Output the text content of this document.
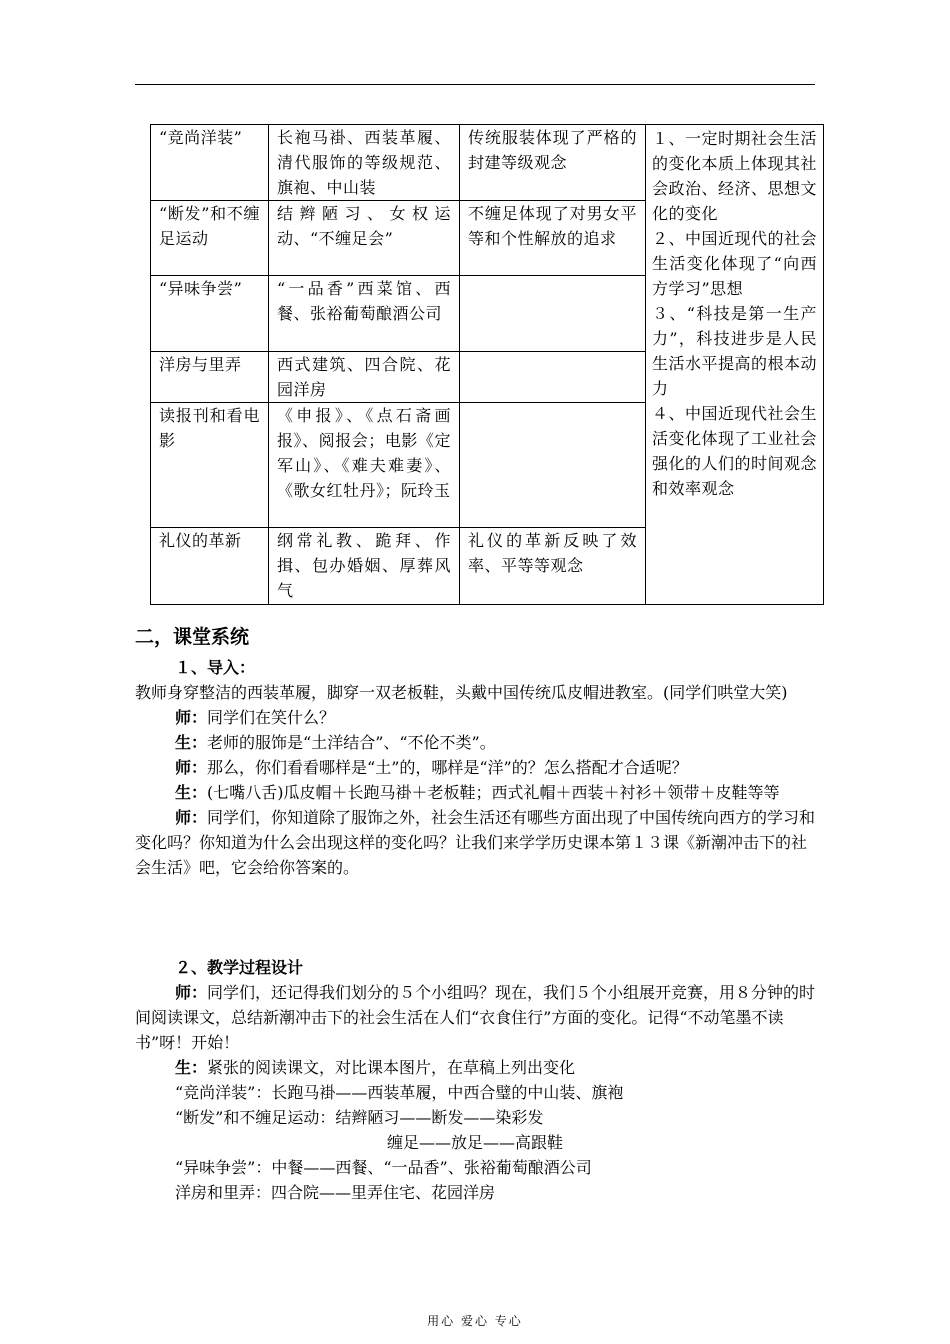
“竞尚洋装”	长袍马褂、西装革履、清代服饰的等级规范、旗袍、中山装	传统服装体现了严格的封建等级观念	１、一定时期社会生活的变化本质上体现其社会政治、经济、思想文化的变化
２、中国近现代的社会生活变化体现了“向西方学习”思想
３、“科技是第一生产力”，科技进步是人民生活水平提高的根本动力
４、中国近现代社会生活变化体现了工业社会强化的人们的时间观念和效率观念
“断发”和不缠足运动	结辫陋习、女权运动、“不缠足会”	不缠足体现了对男女平等和个性解放的追求	
“异味争尝”	“一品香”西菜馆、西餐、张裕葡萄酿酒公司		
洋房与里弄	西式建筑、四合院、花园洋房		
读报刊和看电影	《申报》、《点石斋画报》、阅报会；电影《定军山》、《难夫难妻》、《歌女红牡丹》；阮玲玉		
礼仪的革新	纲常礼教、跪拜、作揖、包办婚姻、厚葬风气	礼仪的革新反映了效率、平等等观念	
二，课堂系统

１、导入：

教师身穿整洁的西装革履，脚穿一双老板鞋，头戴中国传统瓜皮帽进教室。(同学们哄堂大笑)

师：同学们在笑什么？

生：老师的服饰是“土洋结合”、“不伦不类”。

师：那么，你们看看哪样是“土”的，哪样是“洋”的？怎么搭配才合适呢？

生：(七嘴八舌)瓜皮帽＋长跑马褂＋老板鞋；西式礼帽＋西装＋衬衫＋领带＋皮鞋等等

师：同学们，你知道除了服饰之外，社会生活还有哪些方面出现了中国传统向西方的学习和变化吗？你知道为什么会出现这样的变化吗？让我们来学学历史课本第１３课《新潮冲击下的社会生活》吧，它会给你答案的。

２、教学过程设计

师：同学们，还记得我们划分的５个小组吗？现在，我们５个小组展开竞赛，用８分钟的时间阅读课文，总结新潮冲击下的社会生活在人们“衣食住行”方面的变化。记得“不动笔墨不读书”呀！开始！

生：紧张的阅读课文，对比课本图片，在草稿上列出变化

“竞尚洋装”：长跑马褂——西装革履，中西合璧的中山装、旗袍

“断发”和不缠足运动：结辫陋习——断发——染彩发

缠足——放足——高跟鞋

“异味争尝”：中餐——西餐、“一品香”、张裕葡萄酿酒公司

洋房和里弄：四合院——里弄住宅、花园洋房

用心 爱心 专心
